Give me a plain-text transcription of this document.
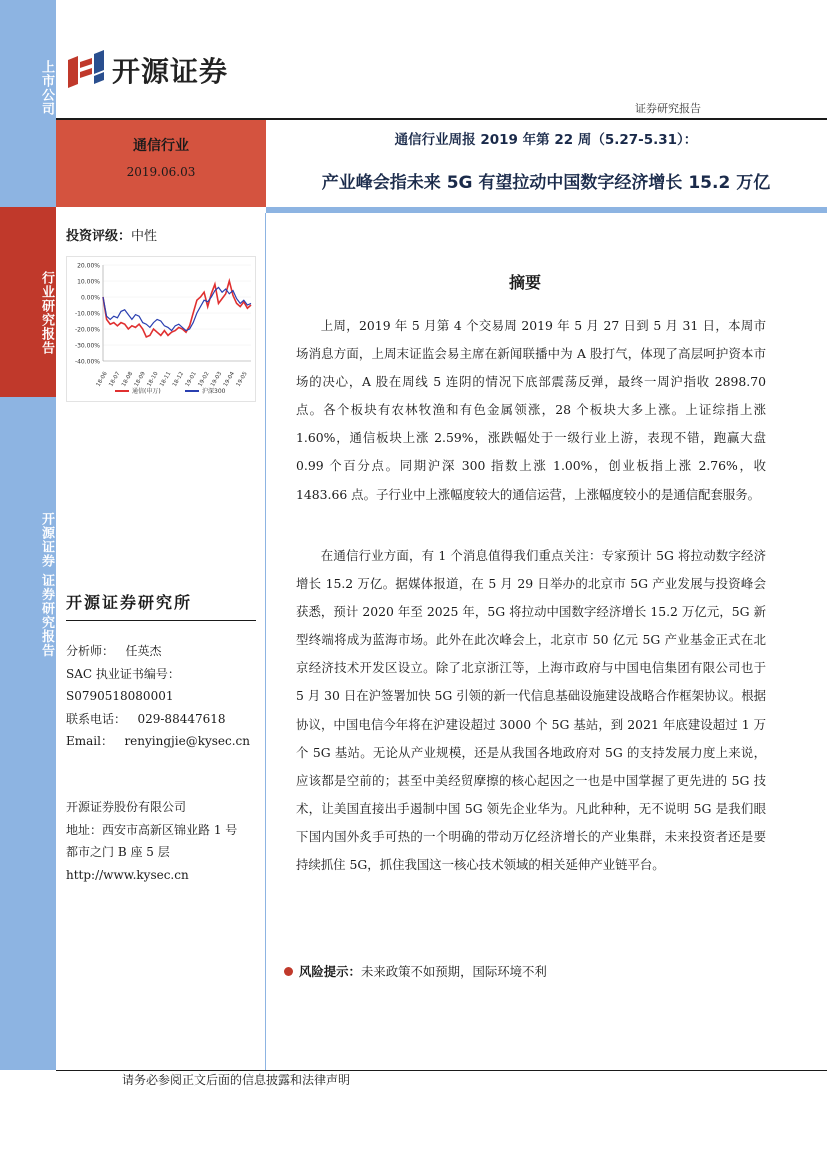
上市公司
行业研究报告
开源证券 证券研究报告
开源证券
证券研究报告
通信行业
2019.06.03
通信行业周报 2019 年第 22 周（5.27-5.31）：
产业峰会指未来 5G 有望拉动中国数字经济增长 15.2 万亿
投资评级：中性
20.00%
10.00%
0.00%
-10.00%
-20.00%
-30.00%
-40.00%
18-06 18-07 18-08 18-09 18-10 18-11 18-12 19-01 19-02 19-03 19-04 19-05
通信(申万)	沪深300
开源证券研究所
分析师： 任英杰
SAC 执业证书编号：
S0790518080001
联系电话： 029-88447618
Email： renyingjie@kysec.cn
开源证券股份有限公司
地址：西安市高新区锦业路 1 号
都市之门 B 座 5 层
http://www.kysec.cn
摘要

上周，2019 年 5 月第 4 个交易周 2019 年 5 月 27 日到 5 月 31 日，本周市场消息方面，上周末证监会易主席在新闻联播中为 A 股打气，体现了高层呵护资本市场的决心，A 股在周线 5 连阴的情况下底部震荡反弹，最终一周沪指收 2898.70 点。各个板块有农林牧渔和有色金属领涨，28 个板块大多上涨。上证综指上涨 1.60%，通信板块上涨 2.59%，涨跌幅处于一级行业上游，表现不错，跑赢大盘 0.99 个百分点。同期沪深 300 指数上涨 1.00%，创业板指上涨 2.76%，收 1483.66 点。子行业中上涨幅度较大的通信运营，上涨幅度较小的是通信配套服务。

在通信行业方面，有 1 个消息值得我们重点关注：专家预计 5G 将拉动数字经济增长 15.2 万亿。据媒体报道，在 5 月 29 日举办的北京市 5G 产业发展与投资峰会获悉，预计 2020 年至 2025 年，5G 将拉动中国数字经济增长 15.2 万亿元，5G 新型终端将成为蓝海市场。此外在此次峰会上，北京市 50 亿元 5G 产业基金正式在北京经济技术开发区设立。除了北京浙江等，上海市政府与中国电信集团有限公司也于 5 月 30 日在沪签署加快 5G 引领的新一代信息基础设施建设战略合作框架协议。根据协议，中国电信今年将在沪建设超过 3000 个 5G 基站，到 2021 年底建设超过 1 万个 5G 基站。无论从产业规模，还是从我国各地政府对 5G 的支持发展力度上来说，应该都是空前的；甚至中美经贸摩擦的核心起因之一也是中国掌握了更先进的 5G 技术，让美国直接出手遏制中国 5G 领先企业华为。凡此种种，无不说明 5G 是我们眼下国内国外炙手可热的一个明确的带动万亿经济增长的产业集群，未来投资者还是要持续抓住 5G，抓住我国这一核心技术领域的相关延伸产业链平台。

风险提示： 未来政策不如预期，国际环境不利
请务必参阅正文后面的信息披露和法律声明
